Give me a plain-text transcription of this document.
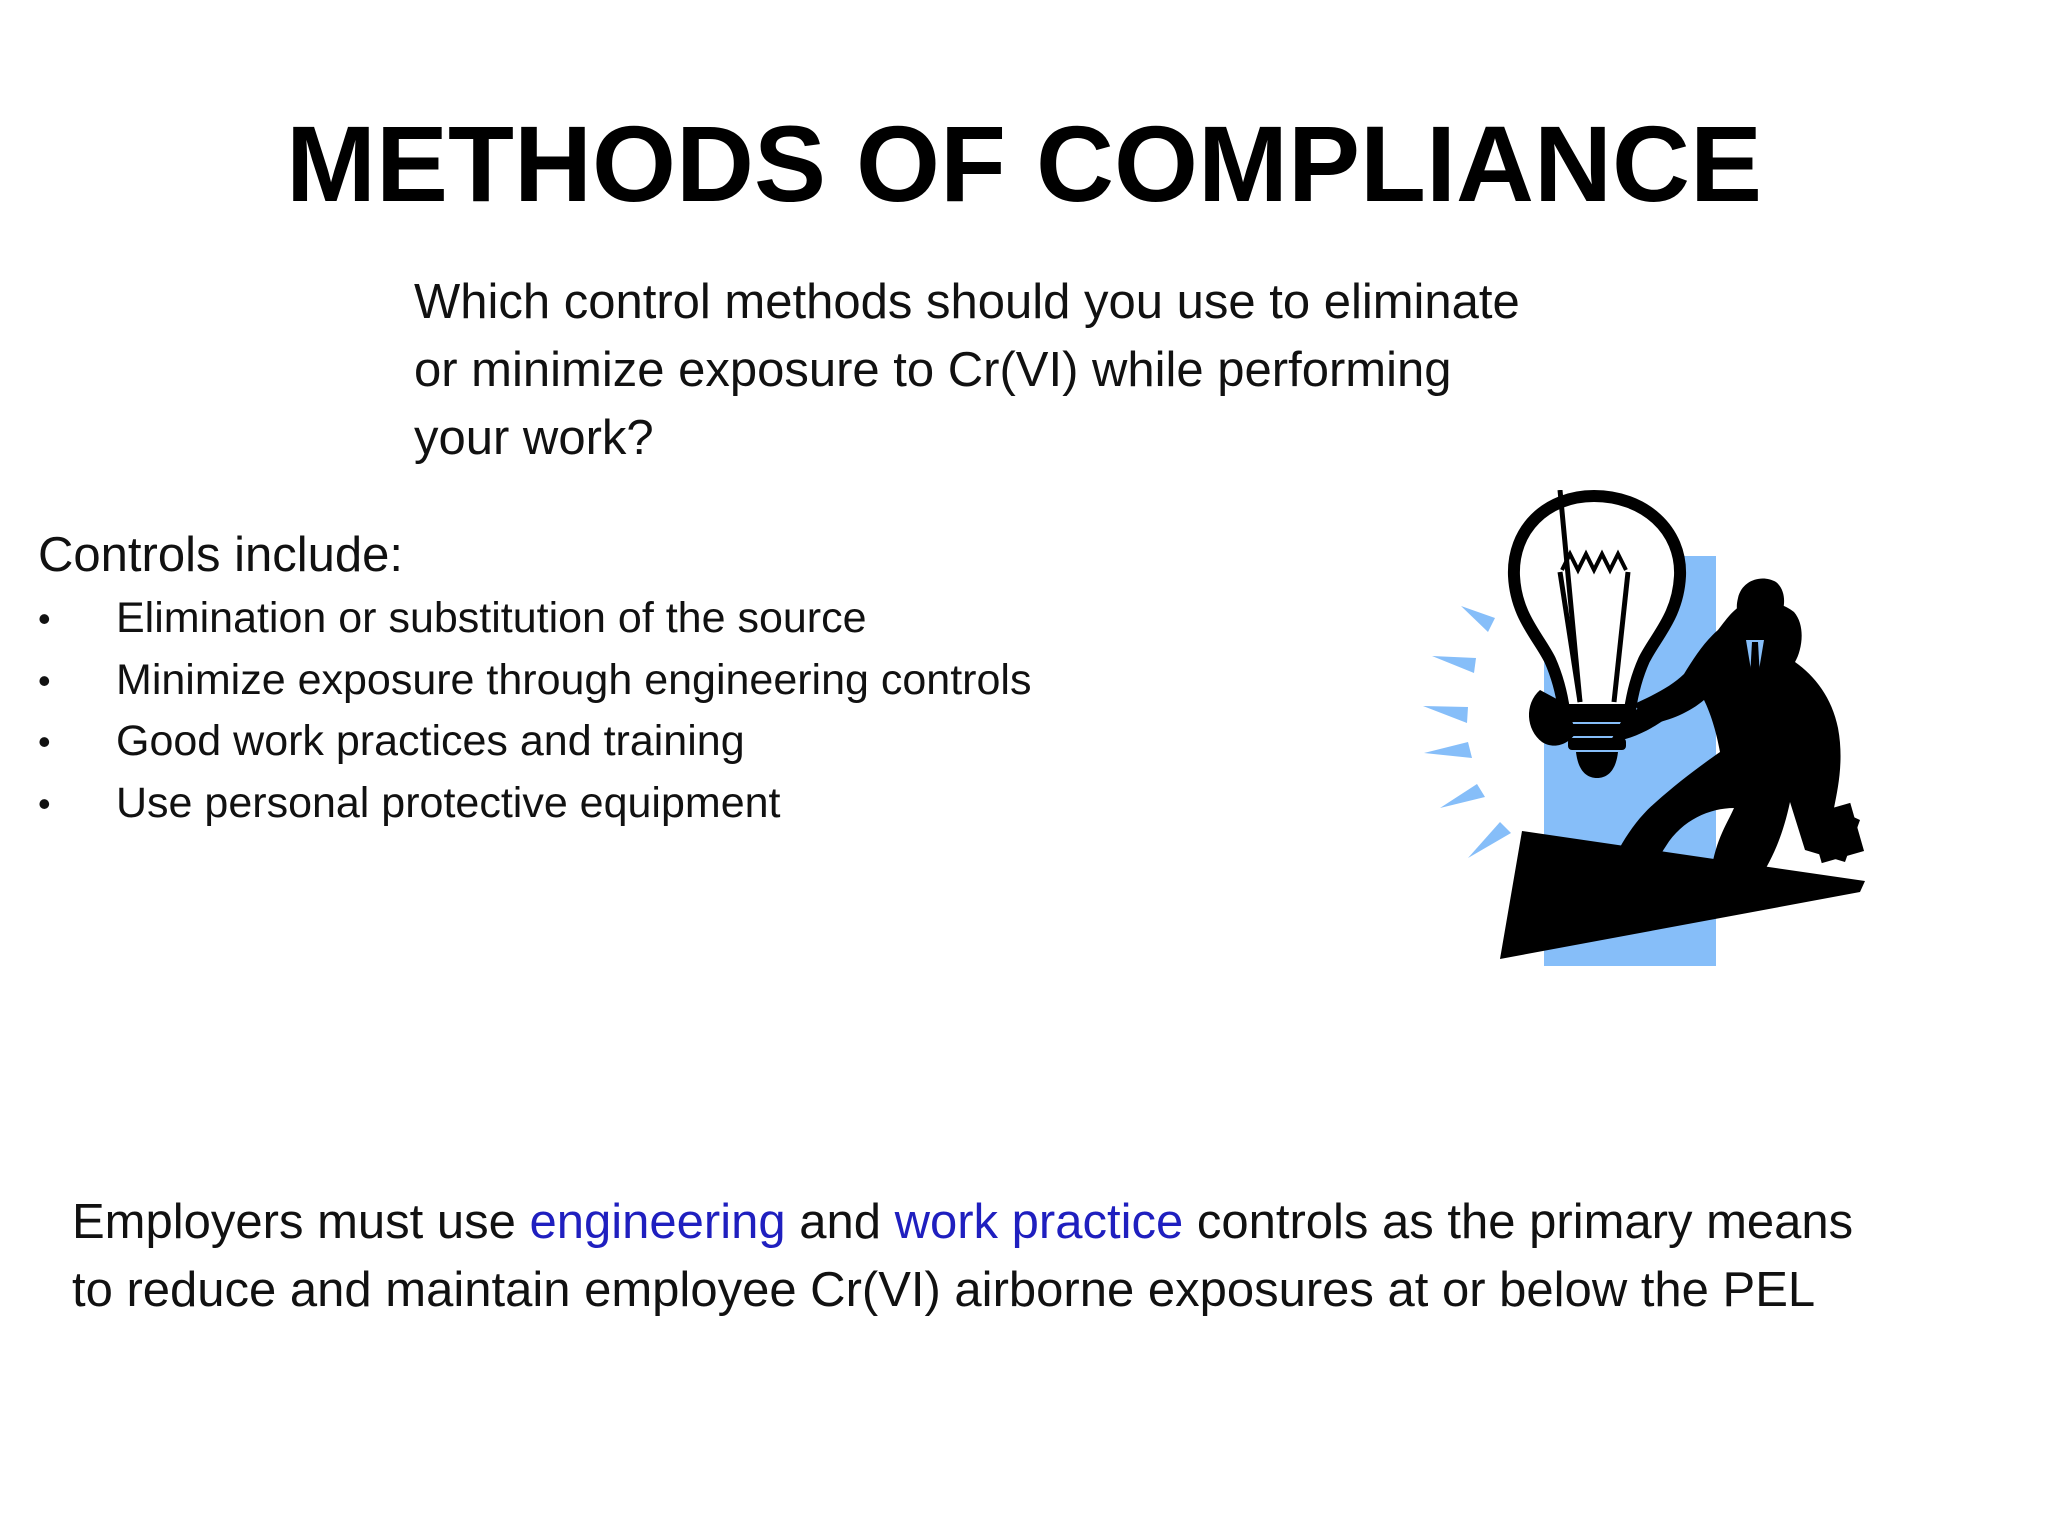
METHODS OF COMPLIANCE
Which control methods should you use to eliminate
or minimize exposure to Cr(VI) while performing
your work?
Controls include:
•	Elimination or substitution of the source
•	Minimize exposure through engineering controls
•	Good work practices and training
•	Use personal protective equipment
Employers must use engineering and work practice controls as the primary means
to reduce and maintain employee Cr(VI) airborne exposures at or below the PEL
